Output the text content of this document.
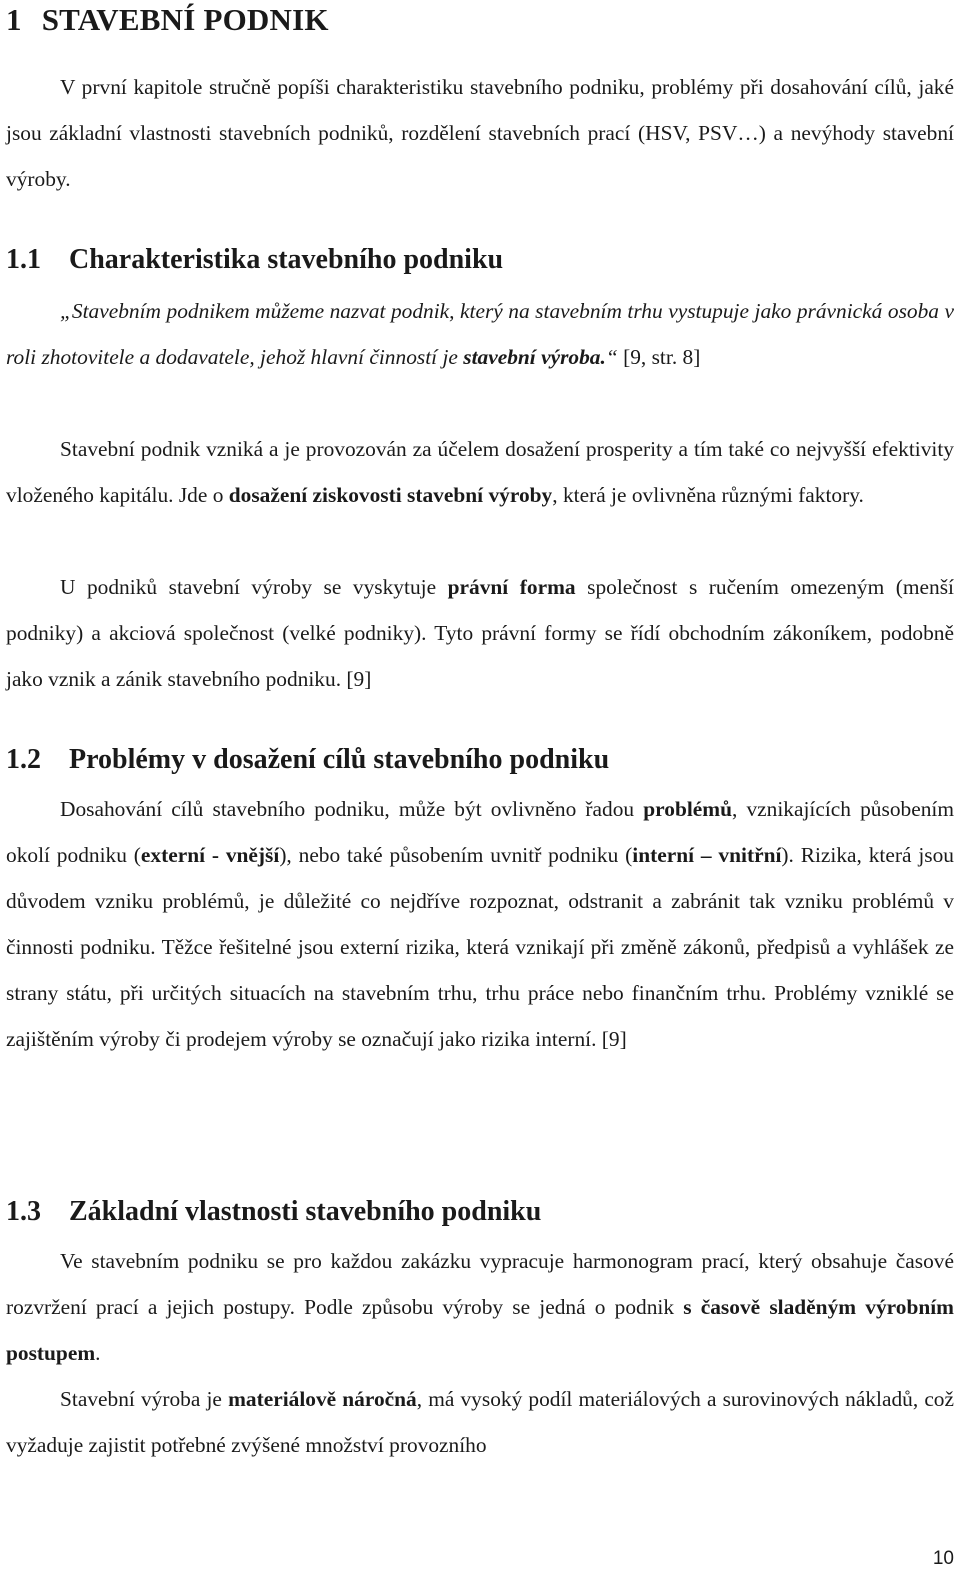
1 STAVEBNÍ PODNIK

V první kapitole stručně popíši charakteristiku stavebního podniku, problémy při dosahování cílů, jaké jsou základní vlastnosti stavebních podniků, rozdělení stavebních prací (HSV, PSV…) a nevýhody stavební výroby.

1.1 Charakteristika stavebního podniku

„Stavebním podnikem můžeme nazvat podnik, který na stavebním trhu vystupuje jako právnická osoba v roli zhotovitele a dodavatele, jehož hlavní činností je stavební výroba.“ [9, str. 8]

Stavební podnik vzniká a je provozován za účelem dosažení prosperity a tím také co nejvyšší efektivity vloženého kapitálu. Jde o dosažení ziskovosti stavební výroby, která je ovlivněna různými faktory.

U podniků stavební výroby se vyskytuje právní forma společnost s ručením omezeným (menší podniky) a akciová společnost (velké podniky). Tyto právní formy se řídí obchodním zákoníkem, podobně jako vznik a zánik stavebního podniku. [9]

1.2 Problémy v dosažení cílů stavebního podniku

Dosahování cílů stavebního podniku, může být ovlivněno řadou problémů, vznikajících působením okolí podniku (externí - vnější), nebo také působením uvnitř podniku (interní – vnitřní). Rizika, která jsou důvodem vzniku problémů, je důležité co nejdříve rozpoznat, odstranit a zabránit tak vzniku problémů v činnosti podniku. Těžce řešitelné jsou externí rizika, která vznikají při změně zákonů, předpisů a vyhlášek ze strany státu, při určitých situacích na stavebním trhu, trhu práce nebo finančním trhu. Problémy vzniklé se zajištěním výroby či prodejem výroby se označují jako rizika interní. [9]

1.3 Základní vlastnosti stavebního podniku

Ve stavebním podniku se pro každou zakázku vypracuje harmonogram prací, který obsahuje časové rozvržení prací a jejich postupy. Podle způsobu výroby se jedná o podnik s časově sladěným výrobním postupem.

Stavební výroba je materiálově náročná, má vysoký podíl materiálových a surovinových nákladů, což vyžaduje zajistit potřebné zvýšené množství provozního

10
